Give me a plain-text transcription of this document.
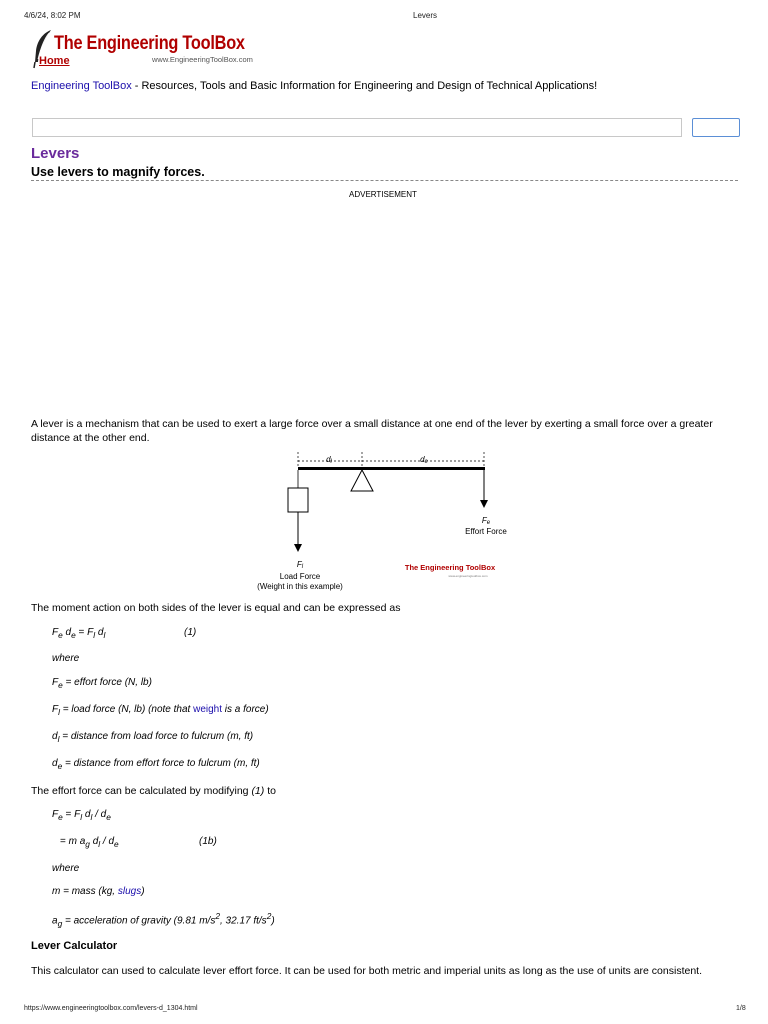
4/6/24, 8:02 PM	Levers
The Engineering ToolBox
www.EngineeringToolBox.com
Home
Engineering ToolBox - Resources, Tools and Basic Information for Engineering and Design of Technical Applications!
Levers
Use levers to magnify forces.
ADVERTISEMENT
A lever is a mechanism that can be used to exert a large force over a small distance at one end of the lever by exerting a small force over a greater distance at the other end.
dl	de
Fe
Effort Force
Fl
Load Force
(Weight in this example)
The Engineering ToolBox
www.engineeringtoolbox.com
The moment action on both sides of the lever is equal and can be expressed as
$F_e$ $d_e = F_l$ $d_l$	(1)
where
$F_e$ = effort force (N, lb)
$F_l$ = load force (N, lb) (note that weight is a force)
$d_l$ = distance from load force to fulcrum (m, ft)
$d_e$ = distance from effort force to fulcrum (m, ft)
The effort force can be calculated by modifying (1) to
$F_e = F_l$ $d_l / d_e$
= m $a_g$ $d_l / d_e$	(1b)
where
m = mass (kg, slugs)
$a_g$ = acceleration of gravity (9.81 $m/s^2$, 32.17 $ft/s^2$)
Lever Calculator
This calculator can used to calculate lever effort force. It can be used for both metric and imperial units as long as the use of units are consistent.
https://www.engineeringtoolbox.com/levers-d_1304.html	1/8
